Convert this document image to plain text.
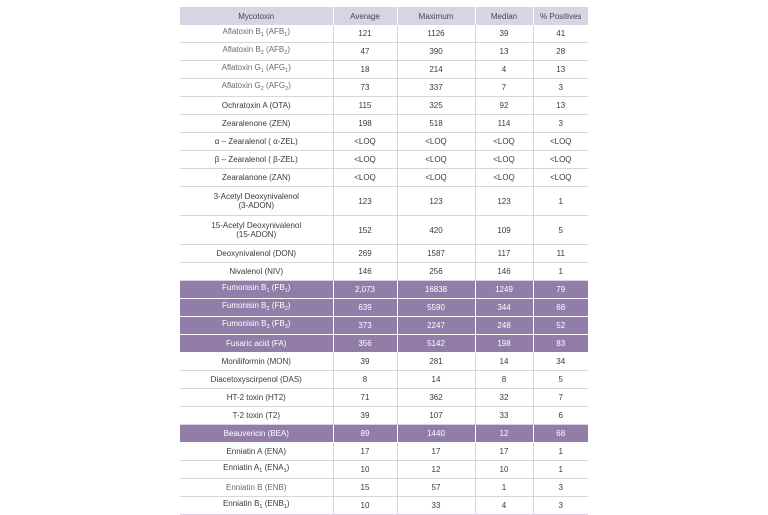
Mycotoxin	Average	Maximum	Median	% Positives
Aflatoxin $B_1$ $(AFB_1)$	121	1126	39	41
Aflatoxin $B_2$ $(AFB_2)$	47	390	13	28
Aflatoxin $G_1$ $(AFG_1)$	18	214	4	13
Aflatoxin $G_2$ $(AFG_2)$	73	337	7	3
Ochratoxin A (OTA)	115	325	92	13
Zearalenone (ZEN)	198	518	114	3
α – Zearalenol ( α-ZEL)	<LOQ	<LOQ	<LOQ	<LOQ
β – Zearalenol ( β-ZEL)	<LOQ	<LOQ	<LOQ	<LOQ
Zearalanone (ZAN)	<LOQ	<LOQ	<LOQ	<LOQ
3-Acetyl Deoxynivalenol
(3-ADON)	123	123	123	1
15-Acetyl Deoxynivalenol
(15-ADON)	152	420	109	5
Deoxynivalenol (DON)	269	1587	117	11
Nivalenol (NIV)	146	256	146	1
Fumonisin $B_1$ $(FB_1)$	2,073	16838	1249	79
Fumonisin $B_2$ $(FB_2)$	639	5590	344	68
Fumonisin $B_3$ $(FB_3)$	373	2247	248	52
Fusaric acid (FA)	356	5142	198	83
Moniliformin (MON)	39	281	14	34
Diacetoxyscirpenol (DAS)	8	14	8	5
HT-2 toxin (HT2)	71	362	32	7
T-2 toxin (T2)	39	107	33	6
Beauvericin (BEA)	89	1440	12	68
Enniatin A (ENA)	17	17	17	1
Enniatin $A_1$ $(ENA_1)$	10	12	10	1
Enniatin B (ENB)	15	57	1	3
Enniatin $B_1$ $(ENB_1)$	10	33	4	3
